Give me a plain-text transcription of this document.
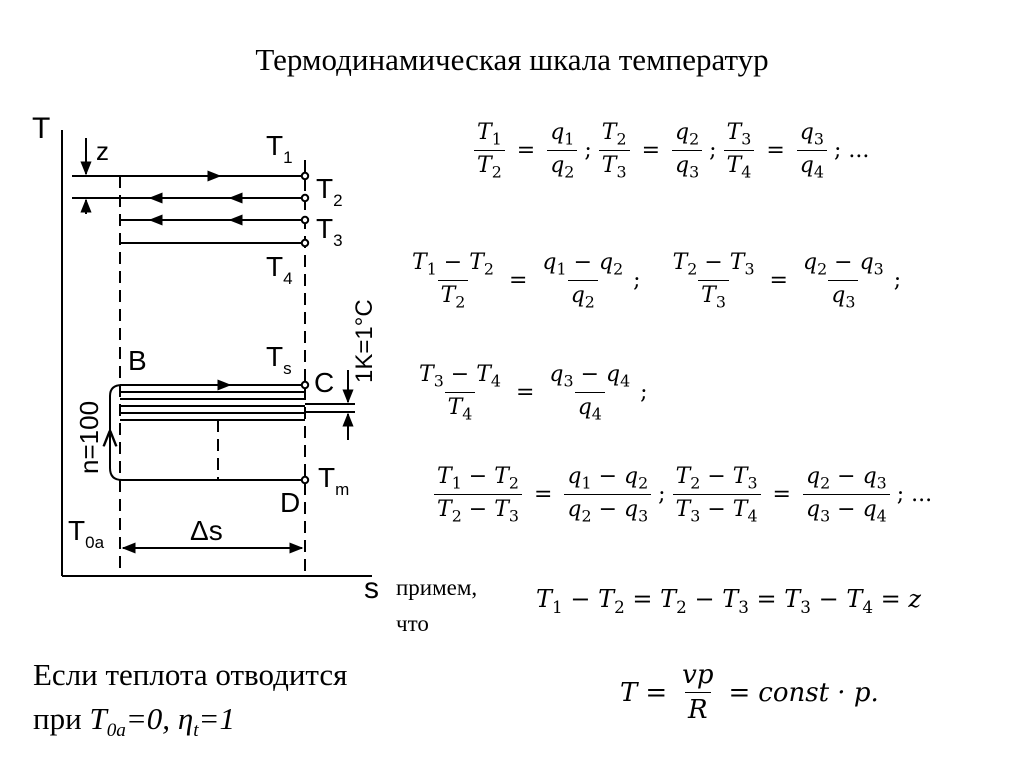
Термодинамическая шкала температур
T
s
z	$T_1$
$T_2$
$T_3$
$T_4$
$T_s$
$T_m$
$T_{0a}$
B
C
D
Δs
n=100
1K=1°C
$\frac{T_1}{T_2} = \frac{q_1}{q_2}$ ; $\frac{T_2}{T_3} = \frac{q_2}{q_3}$ ; $\frac{T_3}{T_4} = \frac{q_3}{q_4}$ ; ...
$\frac{T_1 - T_2}{T_2} = \frac{q_1 - q_2}{q_2}$ ; $\frac{T_2 - T_3}{T_3} = \frac{q_2 - q_3}{q_3}$ ;
$\frac{T_3 - T_4}{T_4} = \frac{q_3 - q_4}{q_4}$ ;
$\frac{T_1 - T_2}{T_2 - T_3} = \frac{q_1 - q_2}{q_2 - q_3}$ ; $\frac{T_2 - T_3}{T_3 - T_4} = \frac{q_2 - q_3}{q_3 - q_4}$ ; ...
примем,
что
$T_1 - T_2 = T_2 - T_3 = T_3 - T_4 = z$
Если теплота отводится
при $T_{0a}=0$, $\eta_t=1$
$T = \frac{vp}{R}$ = const · p.
